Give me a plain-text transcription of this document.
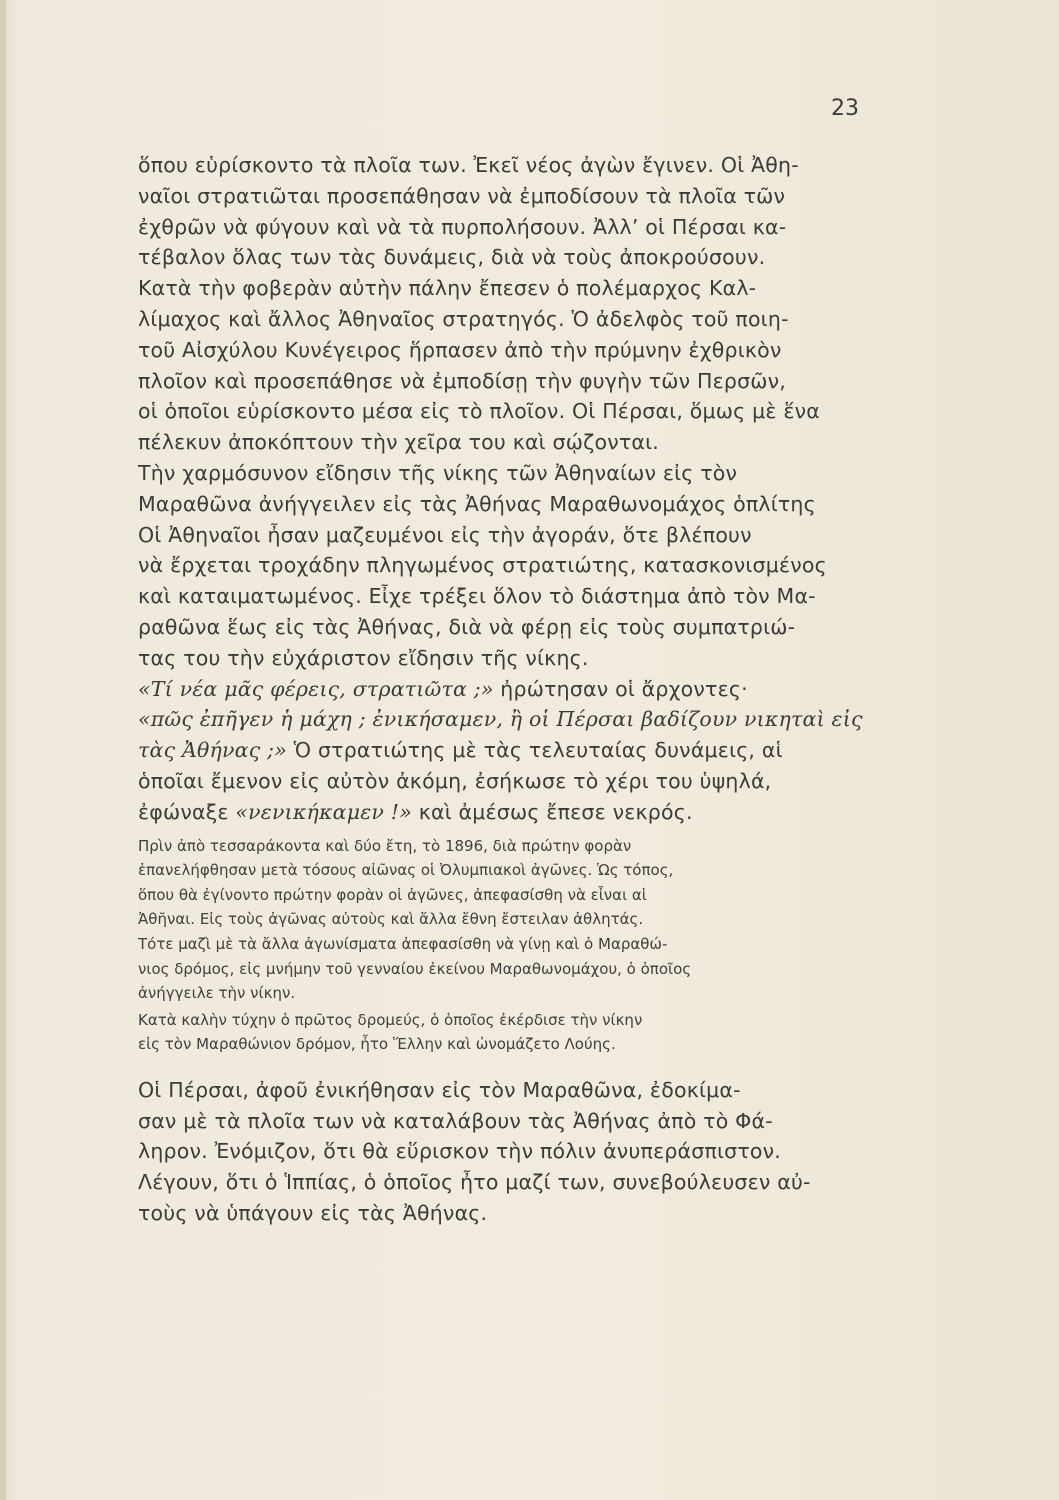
23

ὅπου εὑρίσκοντο τὰ πλοῖα των. Ἐκεῖ νέος ἀγὼν ἔγινεν. Οἱ Ἀθη-
ναῖοι στρατιῶται προσεπάθησαν νὰ ἐμποδίσουν τὰ πλοῖα τῶν
ἐχθρῶν νὰ φύγουν καὶ νὰ τὰ πυρπολήσουν. Ἀλλ’ οἱ Πέρσαι κα-
τέβαλον ὅλας των τὰς δυνάμεις, διὰ νὰ τοὺς ἀποκρούσουν.

Κατὰ τὴν φοβερὰν αὐτὴν πάλην ἔπεσεν ὁ πολέμαρχος Καλ-
λίμαχος καὶ ἄλλος Ἀθηναῖος στρατηγός. Ὁ ἀδελφὸς τοῦ ποιη-
τοῦ Αἰσχύλου Κυνέγειρος ἥρπασεν ἀπὸ τὴν πρύμνην ἐχθρικὸν
πλοῖον καὶ προσεπάθησε νὰ ἐμποδίσῃ τὴν φυγὴν τῶν Περσῶν,
οἱ ὁποῖοι εὑρίσκοντο μέσα εἰς τὸ πλοῖον. Οἱ Πέρσαι, ὅμως μὲ ἕνα
πέλεκυν ἀποκόπτουν τὴν χεῖρα του καὶ σῴζονται.

Τὴν χαρμόσυνον εἴδησιν τῆς νίκης τῶν Ἀθηναίων εἰς τὸν
Μαραθῶνα ἀνήγγειλεν εἰς τὰς Ἀθήνας Μαραθωνομάχος ὁπλίτης

Οἱ Ἀθηναῖοι ἦσαν μαζευμένοι εἰς τὴν ἀγοράν, ὅτε βλέπουν
νὰ ἔρχεται τροχάδην πληγωμένος στρατιώτης, κατασκονισμένος
καὶ καταιματωμένος. Εἶχε τρέξει ὅλον τὸ διάστημα ἀπὸ τὸν Μα-
ραθῶνα ἕως εἰς τὰς Ἀθήνας, διὰ νὰ φέρῃ εἰς τοὺς συμπατριώ-
τας του τὴν εὐχάριστον εἴδησιν τῆς νίκης.

«Τί νέα μᾶς φέρεις, στρατιῶτα ;» ἠρώτησαν οἱ ἄρχοντες·
«πῶς ἐπῆγεν ἡ μάχη ; ἐνικήσαμεν, ἢ οἱ Πέρσαι βαδίζουν νικηταὶ εἰς
τὰς Ἀθήνας ;» Ὁ στρατιώτης μὲ τὰς τελευταίας δυνάμεις, αἱ
ὁποῖαι ἔμενον εἰς αὐτὸν ἀκόμη, ἐσήκωσε τὸ χέρι του ὑψηλά,
ἐφώναξε «νενικήκαμεν !» καὶ ἀμέσως ἔπεσε νεκρός.

Πρὶν ἀπὸ τεσσαράκοντα καὶ δύο ἔτη, τὸ 1896, διὰ πρώτην φορὰν
ἐπανελήφθησαν μετὰ τόσους αἰῶνας οἱ Ὀλυμπιακοὶ ἀγῶνες. Ὡς τόπος,
ὅπου θὰ ἐγίνοντο πρώτην φορὰν οἱ ἀγῶνες, ἀπεφασίσθη νὰ εἶναι αἱ
Ἀθῆναι. Εἰς τοὺς ἀγῶνας αὐτοὺς καὶ ἄλλα ἔθνη ἔστειλαν ἀθλητάς.
Τότε μαζὶ μὲ τὰ ἄλλα ἀγωνίσματα ἀπεφασίσθη νὰ γίνῃ καὶ ὁ Μαραθώ-
νιος δρόμος, εἰς μνήμην τοῦ γενναίου ἐκείνου Μαραθωνομάχου, ὁ ὁποῖος
ἀνήγγειλε τὴν νίκην.

Κατὰ καλὴν τύχην ὁ πρῶτος δρομεύς, ὁ ὁποῖος ἐκέρδισε τὴν νίκην
εἰς τὸν Μαραθώνιον δρόμον, ἦτο Ἕλλην καὶ ὠνομάζετο Λούης.

Οἱ Πέρσαι, ἀφοῦ ἐνικήθησαν εἰς τὸν Μαραθῶνα, ἐδοκίμα-
σαν μὲ τὰ πλοῖα των νὰ καταλάβουν τὰς Ἀθήνας ἀπὸ τὸ Φά-
ληρον. Ἐνόμιζον, ὅτι θὰ εὕρισκον τὴν πόλιν ἀνυπεράσπιστον.
Λέγουν, ὅτι ὁ Ἱππίας, ὁ ὁποῖος ἦτο μαζί των, συνεβούλευσεν αὐ-
τοὺς νὰ ὑπάγουν εἰς τὰς Ἀθήνας.
